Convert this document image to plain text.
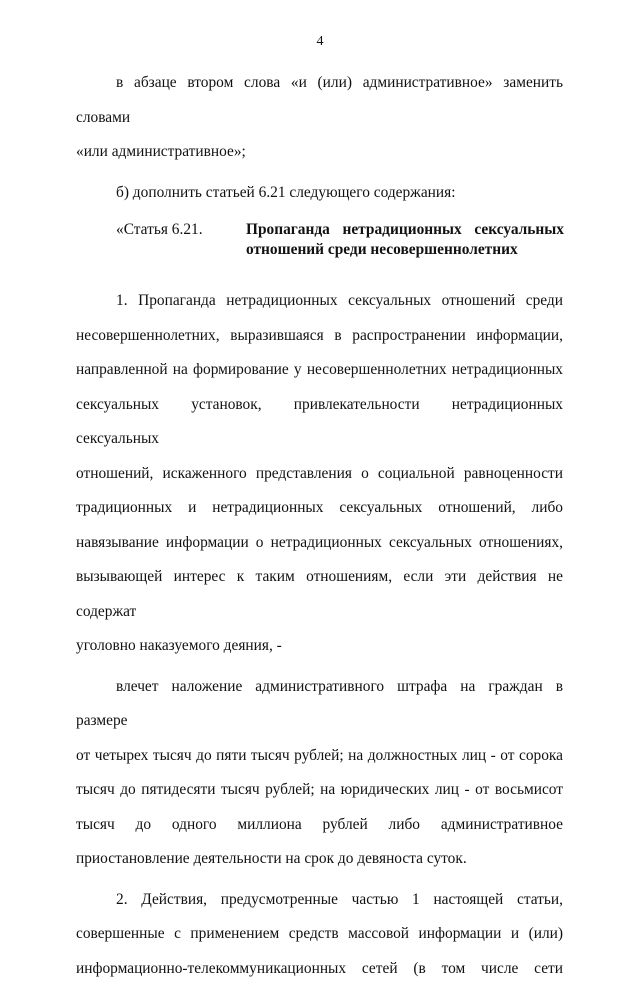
4

в абзаце втором слова «и (или) административное» заменить словами

«или административное»;

б) дополнить статьей 6.21 следующего содержания:

«Статья 6.21.	Пропаганда нетрадиционных сексуальных
отношений среди несовершеннолетних

1. Пропаганда нетрадиционных сексуальных отношений среди

несовершеннолетних, выразившаяся в распространении информации,

направленной на формирование у несовершеннолетних нетрадиционных

сексуальных установок, привлекательности нетрадиционных сексуальных

отношений, искаженного представления о социальной равноценности

традиционных и нетрадиционных сексуальных отношений, либо

навязывание информации о нетрадиционных сексуальных отношениях,

вызывающей интерес к таким отношениям, если эти действия не содержат

уголовно наказуемого деяния, -

влечет наложение административного штрафа на граждан в размере

от четырех тысяч до пяти тысяч рублей; на должностных лиц - от сорока

тысяч до пятидесяти тысяч рублей; на юридических лиц - от восьмисот

тысяч до одного миллиона рублей либо административное

приостановление деятельности на срок до девяноста суток.

2. Действия, предусмотренные частью 1 настоящей статьи,

совершенные с применением средств массовой информации и (или)

информационно-телекоммуникационных сетей (в том числе сети
